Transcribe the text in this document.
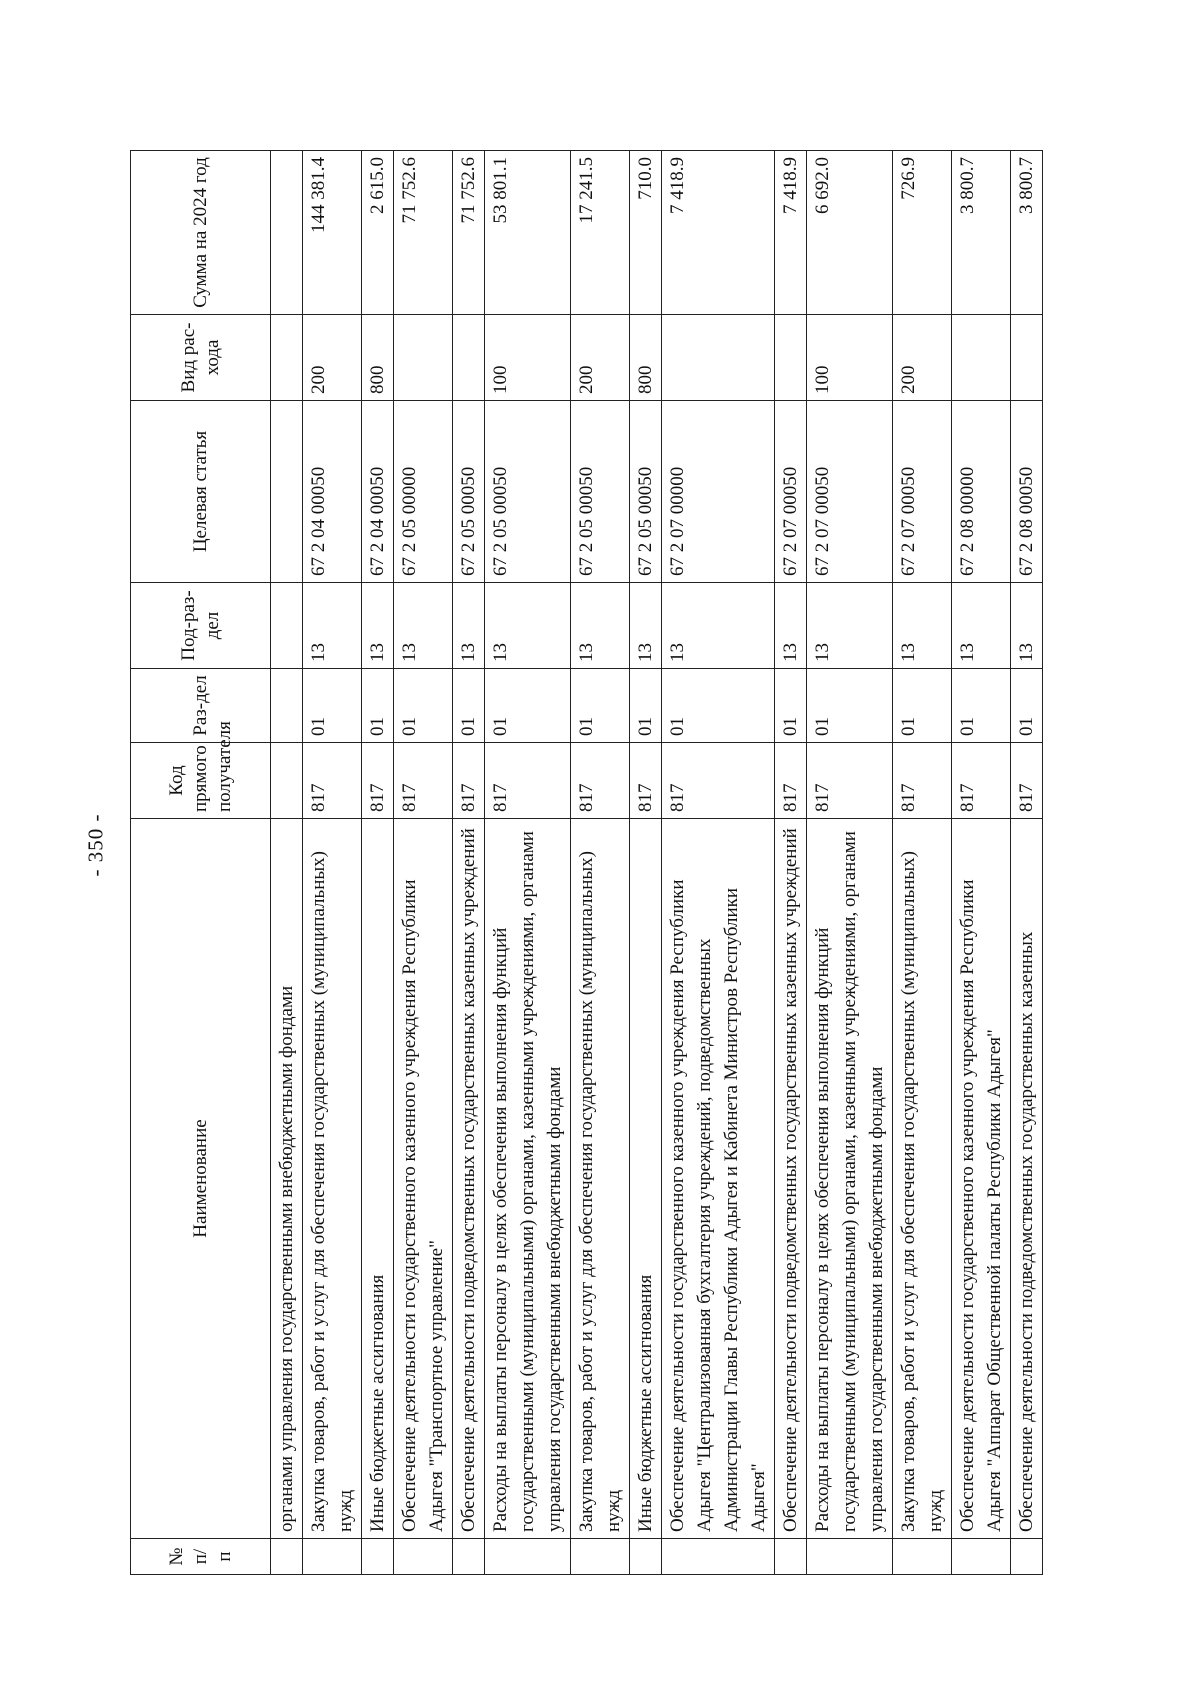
- 350 -
№ п/п	Наименование	Код прямого получателя	Раз-дел	Под-раз-дел	Целевая статья	Вид рас-хода	Сумма на 2024 год
	органами управления государственными внебюджетными фондами						
	Закупка товаров, работ и услуг для обеспечения государственных (муниципальных) нужд	817	01	13	67 2 04 00050	200	144 381.4
	Иные бюджетные ассигнования	817	01	13	67 2 04 00050	800	2 615.0
	Обеспечение деятельности государственного казенного учреждения Республики Адыгея "Транспортное управление"	817	01	13	67 2 05 00000		71 752.6
	Обеспечение деятельности подведомственных государственных казенных учреждений	817	01	13	67 2 05 00050		71 752.6
	Расходы на выплаты персоналу в целях обеспечения выполнения функций государственными (муниципальными) органами, казенными учреждениями, органами управления государственными внебюджетными фондами	817	01	13	67 2 05 00050	100	53 801.1
	Закупка товаров, работ и услуг для обеспечения государственных (муниципальных) нужд	817	01	13	67 2 05 00050	200	17 241.5
	Иные бюджетные ассигнования	817	01	13	67 2 05 00050	800	710.0
	Обеспечение деятельности государственного казенного учреждения Республики Адыгея "Централизованная бухгалтерия учреждений, подведомственных Администрации Главы Республики Адыгея и Кабинета Министров Республики Адыгея"	817	01	13	67 2 07 00000		7 418.9
	Обеспечение деятельности подведомственных государственных казенных учреждений	817	01	13	67 2 07 00050		7 418.9
	Расходы на выплаты персоналу в целях обеспечения выполнения функций государственными (муниципальными) органами, казенными учреждениями, органами управления государственными внебюджетными фондами	817	01	13	67 2 07 00050	100	6 692.0
	Закупка товаров, работ и услуг для обеспечения государственных (муниципальных) нужд	817	01	13	67 2 07 00050	200	726.9
	Обеспечение деятельности государственного казенного учреждения Республики Адыгея "Аппарат Общественной палаты Республики Адыгея"	817	01	13	67 2 08 00000		3 800.7
	Обеспечение деятельности подведомственных государственных казенных	817	01	13	67 2 08 00050		3 800.7
